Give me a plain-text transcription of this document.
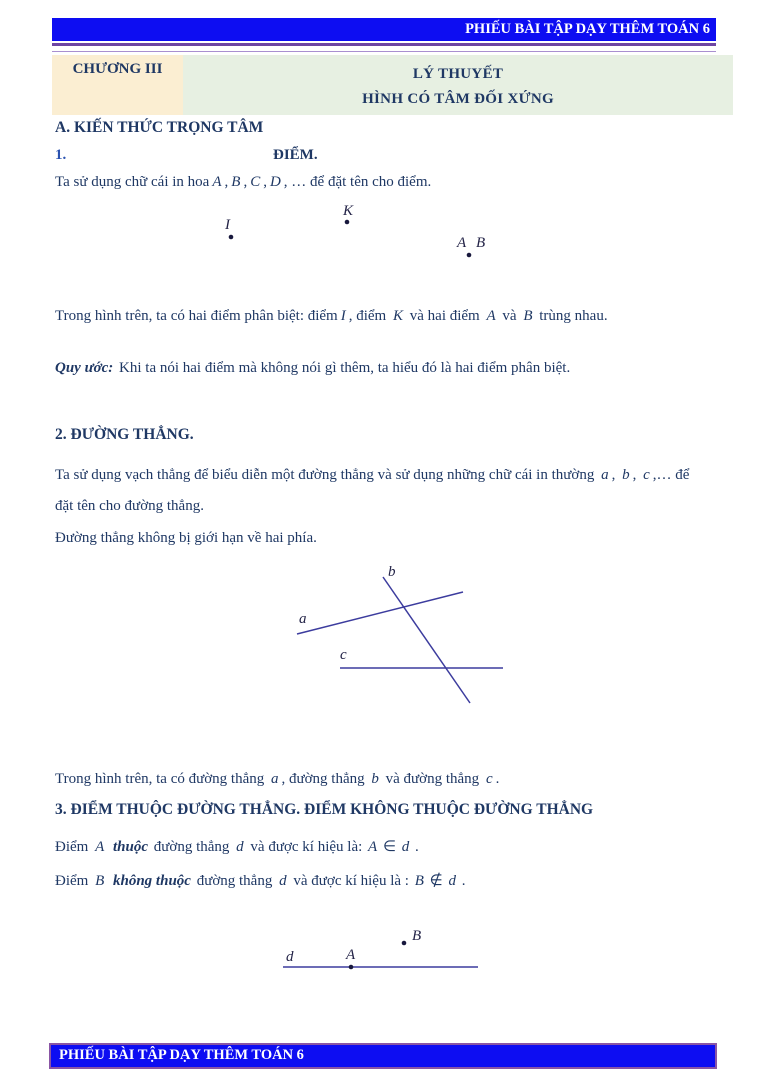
PHIẾU BÀI TẬP DẠY THÊM TOÁN 6
CHƯƠNG III	LÝ THUYẾT
HÌNH CÓ TÂM ĐỐI XỨNG
A. KIẾN THỨC TRỌNG TÂM
1.	ĐIỂM.
Ta sử dụng chữ cái in hoa A , B , C , D , … để đặt tên cho điểm.
I
K
A B
Trong hình trên, ta có hai điểm phân biệt: điểm I , điểm K và hai điểm A và B trùng nhau.
Quy ước: Khi ta nói hai điểm mà không nói gì thêm, ta hiểu đó là hai điểm phân biệt.
2. ĐƯỜNG THẲNG.
Ta sử dụng vạch thẳng để biểu diễn một đường thẳng và sử dụng những chữ cái in thường a , b , c ,… để
đặt tên cho đường thẳng.
Đường thẳng không bị giới hạn về hai phía.
b
a
c
Trong hình trên, ta có đường thẳng a , đường thẳng b và đường thẳng c .
3. ĐIỂM THUỘC ĐƯỜNG THẲNG. ĐIỂM KHÔNG THUỘC ĐƯỜNG THẲNG
Điểm A thuộc đường thẳng d và được kí hiệu là: A ∈ d .
Điểm B không thuộc đường thẳng d và được kí hiệu là : B ∉ d .
d	A
B
PHIẾU BÀI TẬP DẠY THÊM TOÁN 6
